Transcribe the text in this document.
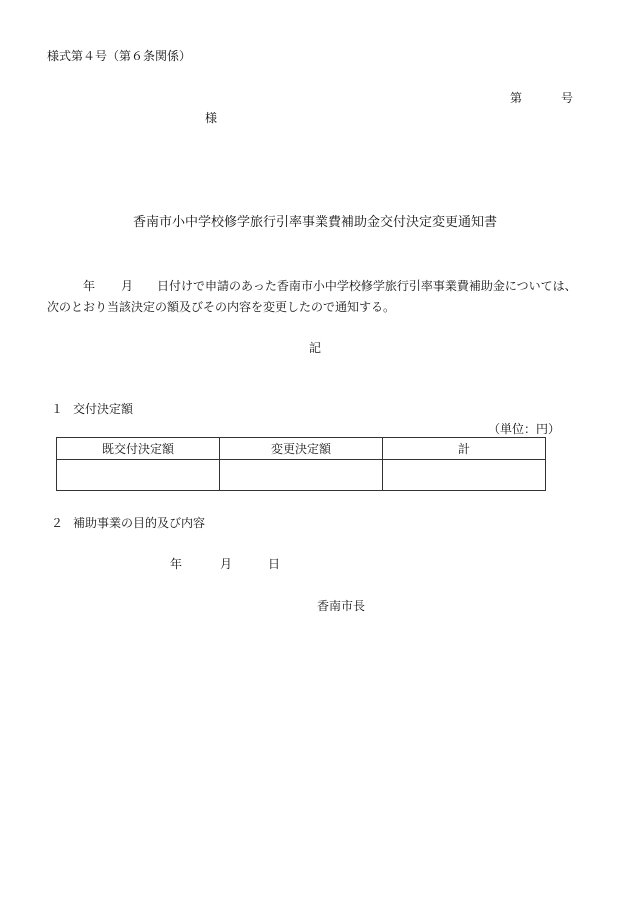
様式第４号（第６条関係）
第	号
様
香南市小中学校修学旅行引率事業費補助金交付決定変更通知書
年 月 日付けで申請のあった香南市小中学校修学旅行引率事業費補助金については、
次のとおり当該決定の額及びその内容を変更したので通知する。
記
１ 交付決定額
（単位：円）
既交付決定額	変更決定額	計

２ 補助事業の目的及び内容
年	月	日
香南市長
